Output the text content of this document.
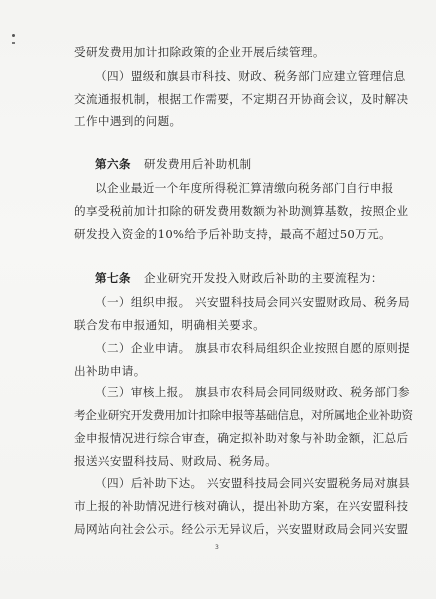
受研发费用加计扣除政策的企业开展后续管理。
（四）盟级和旗县市科技、财政、税务部门应建立管理信息
交流通报机制，根据工作需要，不定期召开协商会议，及时解决
工作中遇到的问题。
第六条 研发费用后补助机制
以企业最近一个年度所得税汇算清缴向税务部门自行申报
的享受税前加计扣除的研发费用数额为补助测算基数，按照企业
研发投入资金的10%给予后补助支持，最高不超过50万元。
第七条 企业研究开发投入财政后补助的主要流程为：
（一）组织申报。 兴安盟科技局会同兴安盟财政局、税务局
联合发布申报通知，明确相关要求。
（二）企业申请。 旗县市农科局组织企业按照自愿的原则提
出补助申请。
（三）审核上报。 旗县市农科局会同同级财政、税务部门参
考企业研究开发费用加计扣除申报等基础信息，对所属地企业补助资
金申报情况进行综合审查，确定拟补助对象与补助金额，汇总后
报送兴安盟科技局、财政局、税务局。
（四）后补助下达。 兴安盟科技局会同兴安盟税务局对旗县
市上报的补助情况进行核对确认，提出补助方案，在兴安盟科技
局网站向社会公示。经公示无异议后，兴安盟财政局会同兴安盟
3
